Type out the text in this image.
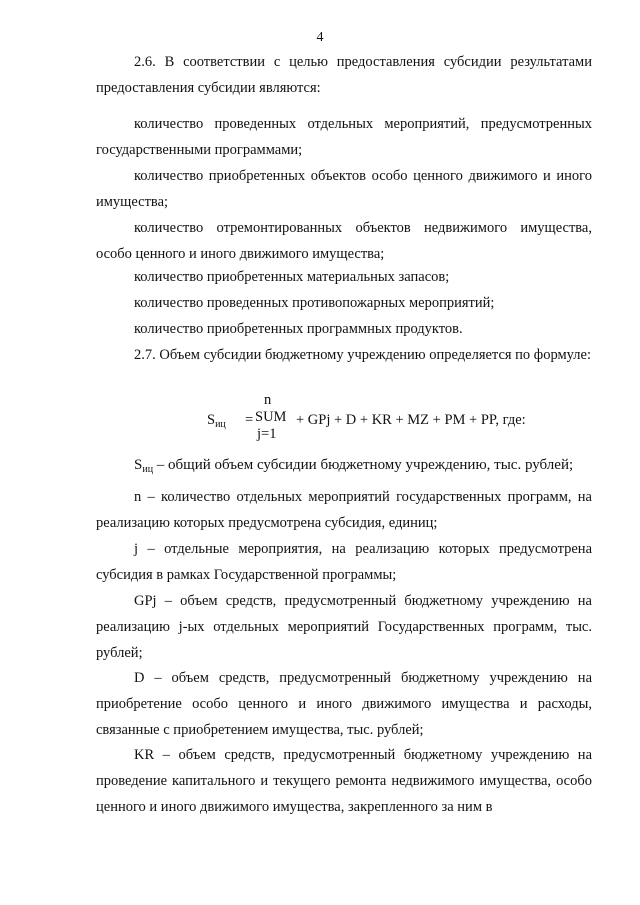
4

2.6. В соответствии с целью предоставления субсидии результатами предоставления субсидии являются:

количество проведенных отдельных мероприятий, предусмотренных государственными программами;

количество приобретенных объектов особо ценного движимого и иного имущества;

количество отремонтированных объектов недвижимого имущества, особо ценного и иного движимого имущества;

количество приобретенных материальных запасов;

количество проведенных противопожарных мероприятий;

количество приобретенных программных продуктов.

2.7. Объем субсидии бюджетному учреждению определяется по формуле:

$S_{иц}$ =
n
SUM
j=1
+ GPj + D + KR + MZ + PM + PP, где:

$S_{иц}$ – общий объем субсидии бюджетному учреждению, тыс. рублей;

n – количество отдельных мероприятий государственных программ, на реализацию которых предусмотрена субсидия, единиц;

j – отдельные мероприятия, на реализацию которых предусмотрена субсидия в рамках Государственной программы;

GPj – объем средств, предусмотренный бюджетному учреждению на реализацию j-ых отдельных мероприятий Государственных программ, тыс. рублей;

D – объем средств, предусмотренный бюджетному учреждению на приобретение особо ценного и иного движимого имущества и расходы, связанные с приобретением имущества, тыс. рублей;

KR – объем средств, предусмотренный бюджетному учреждению на проведение капитального и текущего ремонта недвижимого имущества, особо ценного и иного движимого имущества, закрепленного за ним в
